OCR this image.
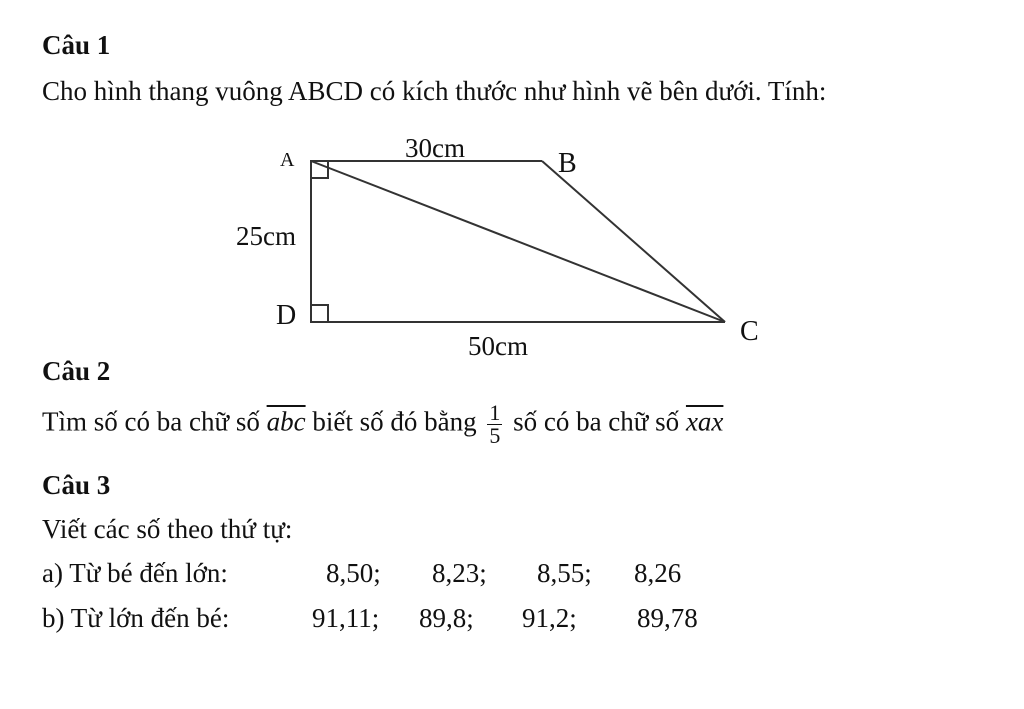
Câu 1
Cho hình thang vuông ABCD có kích thước như hình vẽ bên dưới. Tính:
A	B
C
D
30cm
25cm
50cm
Câu 2
Tìm số có ba chữ số $\overline{abc}$ biết số đó bằng $\frac{1}{5}$ số có ba chữ số $\overline{xax}$
Câu 3
Viết các số theo thứ tự:
a) Từ bé đến lớn:	8,50; 8,23; 8,55; 8,26
b) Từ lớn đến bé:	91,11; 89,8; 91,2; 89,78
